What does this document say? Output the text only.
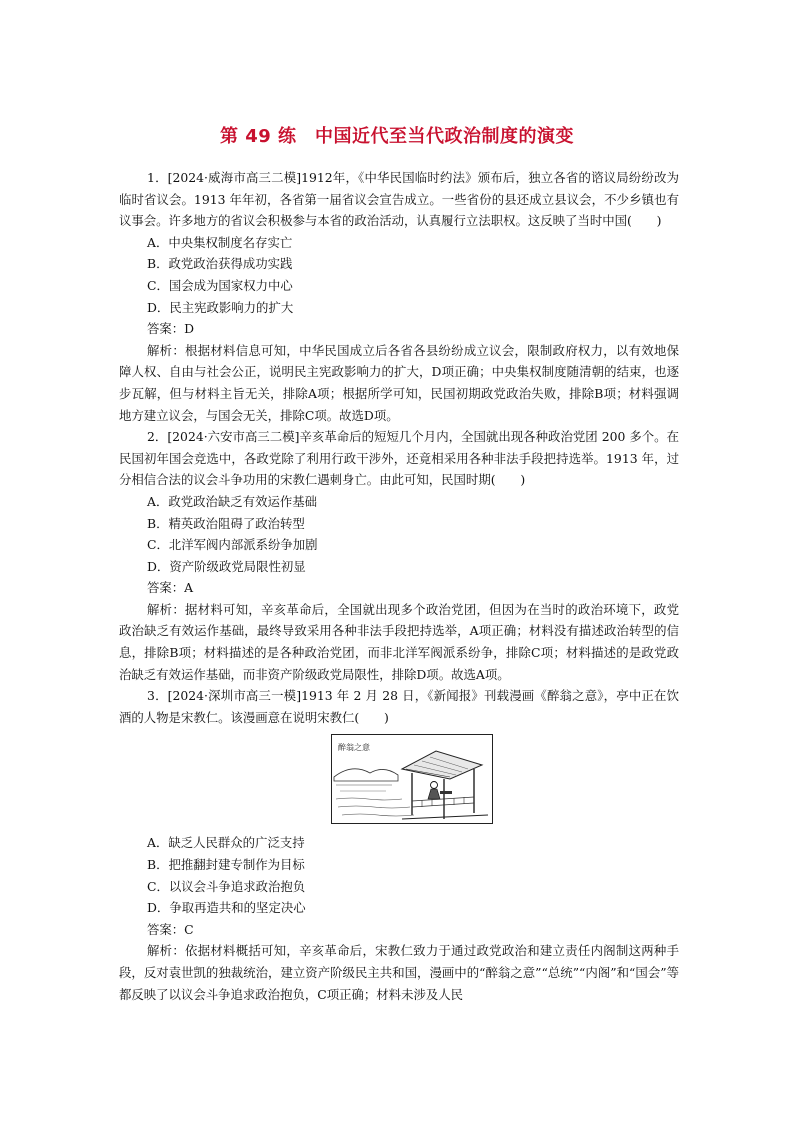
第 49 练　中国近代至当代政治制度的演变

1．[2024·威海市高三二模]1912年，《中华民国临时约法》颁布后，独立各省的谘议局纷纷改为临时省议会。1913 年年初，各省第一届省议会宣告成立。一些省份的县还成立县议会，不少乡镇也有议事会。许多地方的省议会积极参与本省的政治活动，认真履行立法职权。这反映了当时中国(　　)

A．中央集权制度名存实亡

B．政党政治获得成功实践

C．国会成为国家权力中心

D．民主宪政影响力的扩大

答案：D

解析：根据材料信息可知，中华民国成立后各省各县纷纷成立议会，限制政府权力，以有效地保障人权、自由与社会公正，说明民主宪政影响力的扩大，D项正确；中央集权制度随清朝的结束，也逐步瓦解，但与材料主旨无关，排除A项；根据所学可知，民国初期政党政治失败，排除B项；材料强调地方建立议会，与国会无关，排除C项。故选D项。

2．[2024·六安市高三二模]辛亥革命后的短短几个月内，全国就出现各种政治党团 200 多个。在民国初年国会竞选中，各政党除了利用行政干涉外，还竟相采用各种非法手段把持选举。1913 年，过分相信合法的议会斗争功用的宋教仁遇刺身亡。由此可知，民国时期(　　)

A．政党政治缺乏有效运作基础

B．精英政治阻碍了政治转型

C．北洋军阀内部派系纷争加剧

D．资产阶级政党局限性初显

答案：A

解析：据材料可知，辛亥革命后，全国就出现多个政治党团，但因为在当时的政治环境下，政党政治缺乏有效运作基础，最终导致采用各种非法手段把持选举，A项正确；材料没有描述政治转型的信息，排除B项；材料描述的是各种政治党团，而非北洋军阀派系纷争，排除C项；材料描述的是政党政治缺乏有效运作基础，而非资产阶级政党局限性，排除D项。故选A项。

3．[2024·深圳市高三一模]1913 年 2 月 28 日，《新闻报》刊载漫画《醉翁之意》，亭中正在饮酒的人物是宋教仁。该漫画意在说明宋教仁(　　)

醉翁之意

A．缺乏人民群众的广泛支持

B．把推翻封建专制作为目标

C．以议会斗争追求政治抱负

D．争取再造共和的坚定决心

答案：C

解析：依据材料概括可知，辛亥革命后，宋教仁致力于通过政党政治和建立责任内阁制这两种手段，反对袁世凯的独裁统治，建立资产阶级民主共和国，漫画中的“醉翁之意”“总统”“内阁”和“国会”等都反映了以议会斗争追求政治抱负，C项正确；材料未涉及人民
